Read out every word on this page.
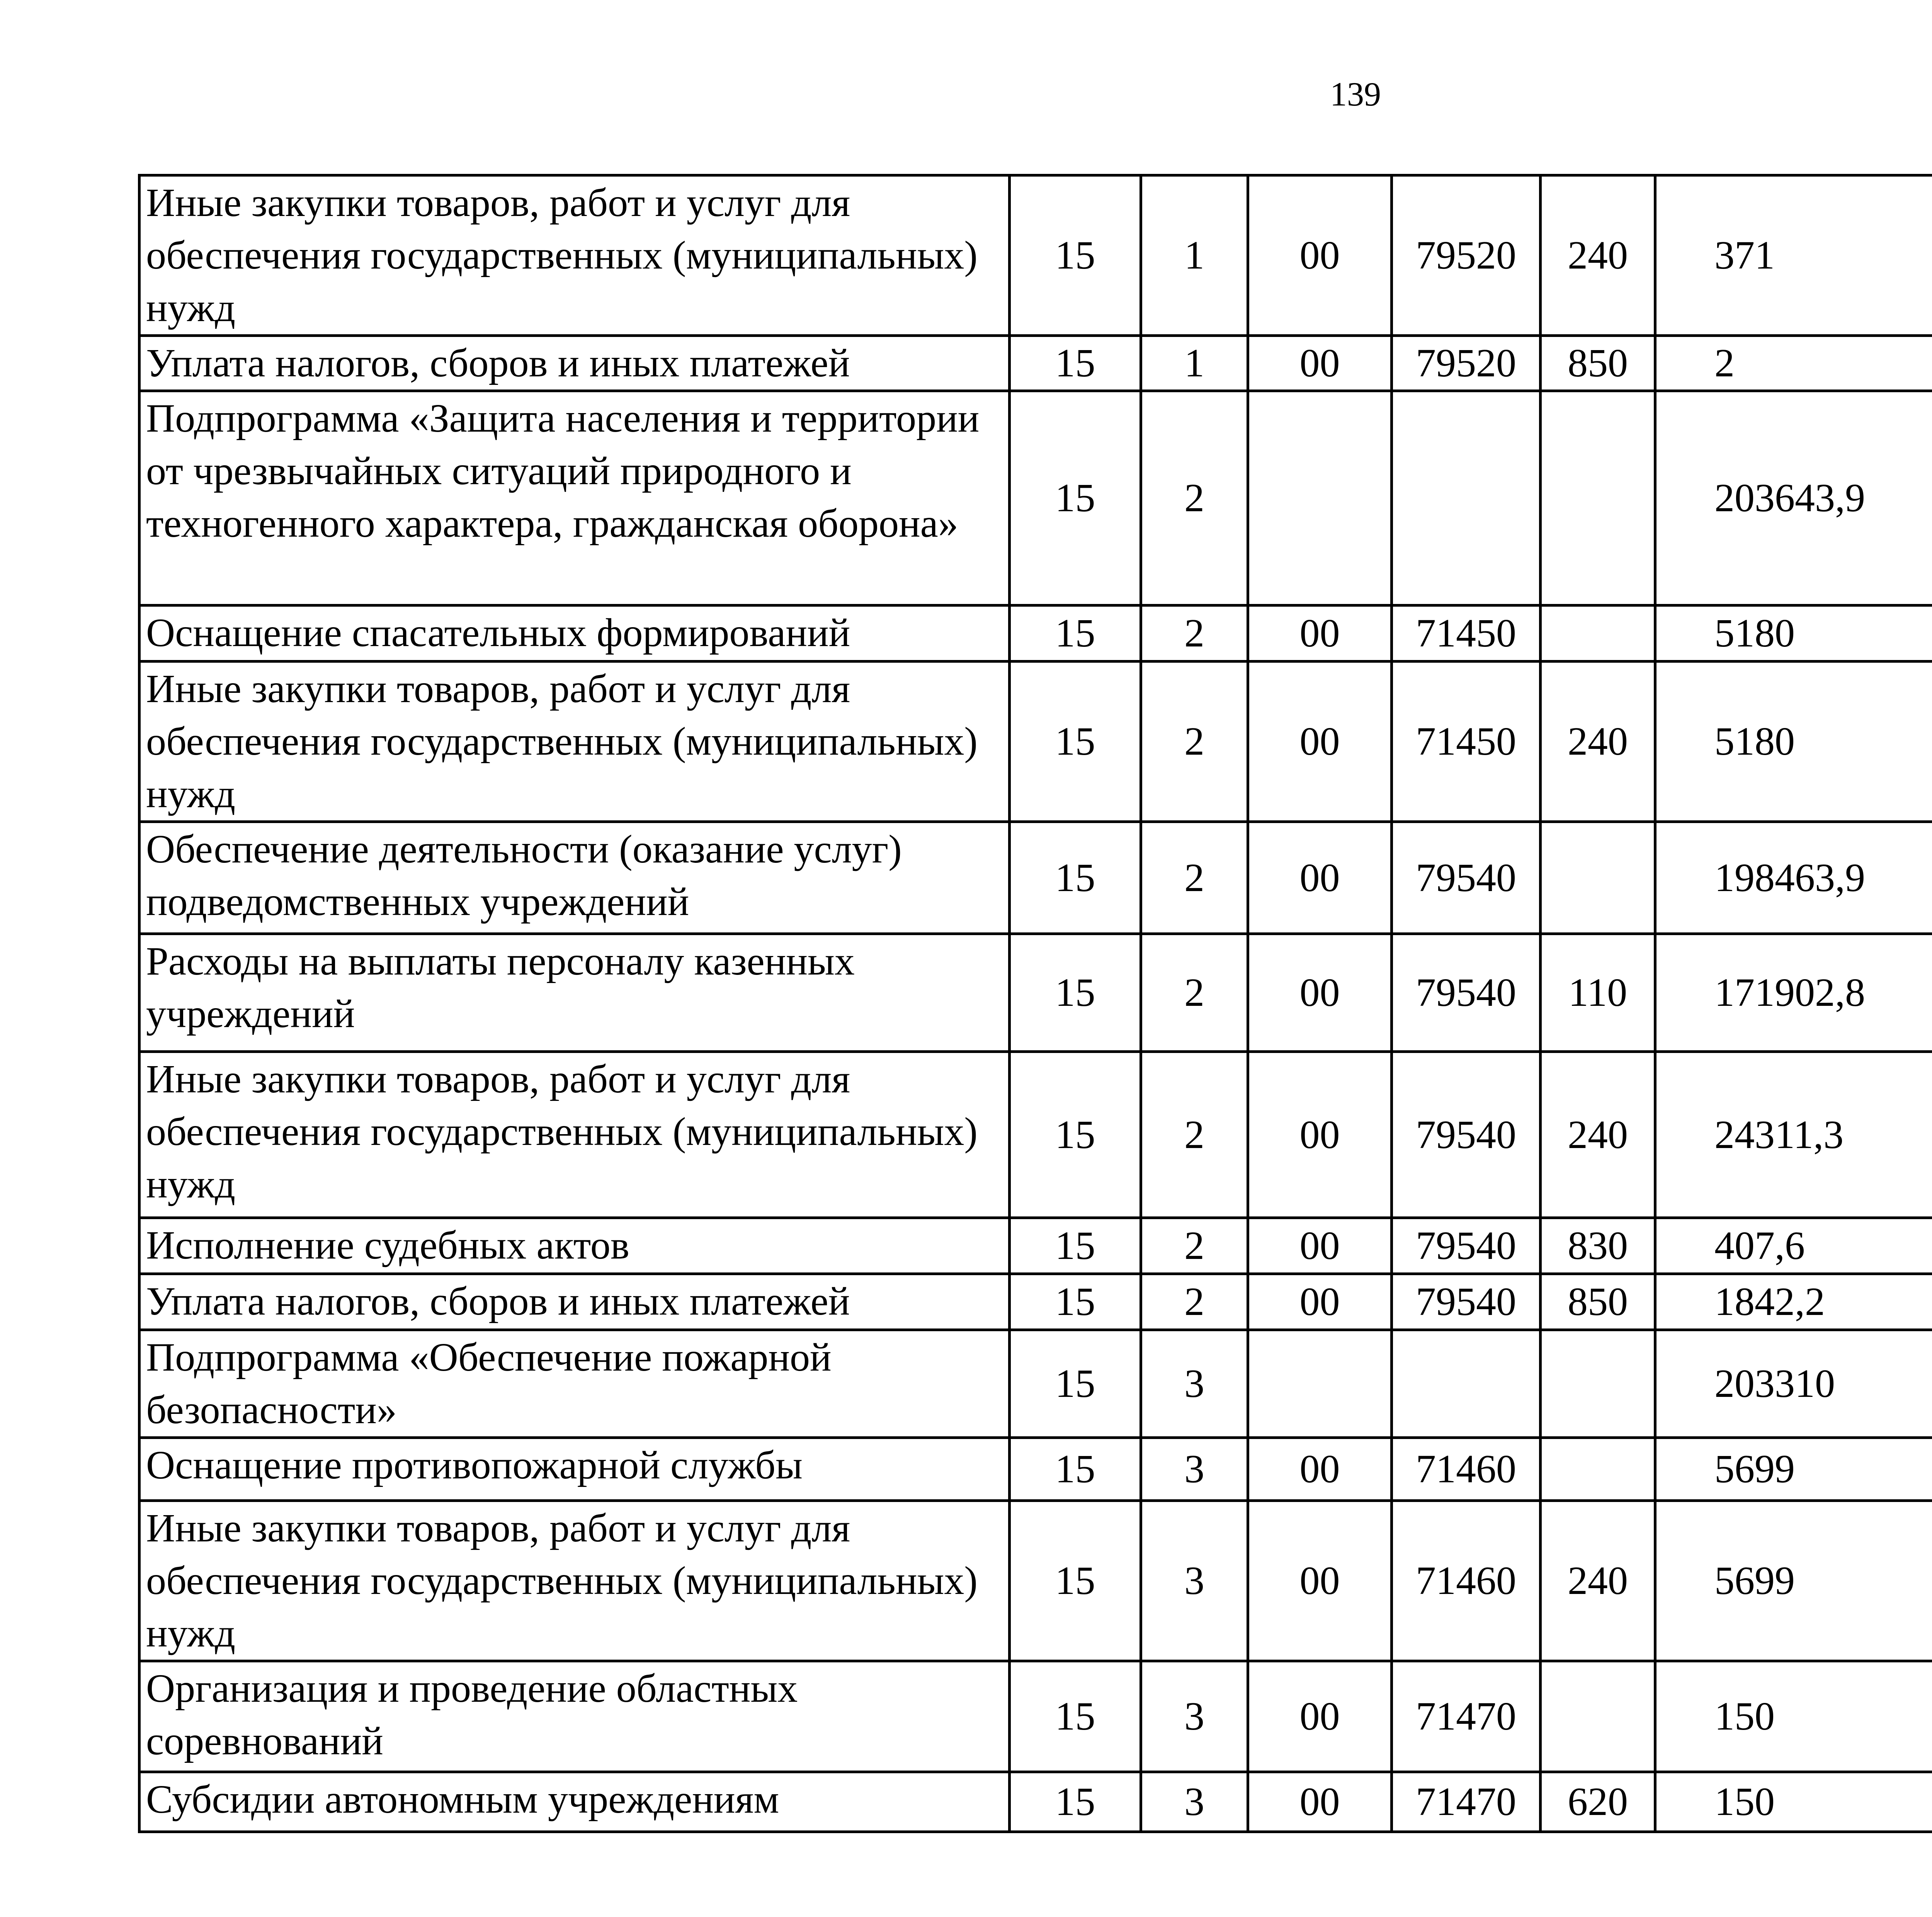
139
Иные закупки товаров, работ и услуг для обеспечения государственных (муниципальных) нужд	15	1	00	79520	240	371		
Уплата налогов, сборов и иных платежей	15	1	00	79520	850	2		
Подпрограмма «Защита населения и территории от чрезвычайных ситуаций природного и техногенного характера, гражданская оборона»	15	2				203643,9		
Оснащение спасательных формирований	15	2	00	71450		5180		
Иные закупки товаров, работ и услуг для обеспечения государственных (муниципальных) нужд	15	2	00	71450	240	5180		
Обеспечение деятельности (оказание услуг) подведомственных учреждений	15	2	00	79540		198463,9		
Расходы на выплаты персоналу казенных учреждений	15	2	00	79540	110	171902,8		
Иные закупки товаров, работ и услуг для обеспечения государственных (муниципальных) нужд	15	2	00	79540	240	24311,3		
Исполнение судебных актов	15	2	00	79540	830	407,6		
Уплата налогов, сборов и иных платежей	15	2	00	79540	850	1842,2		
Подпрограмма «Обеспечение пожарной безопасности»	15	3				203310		
Оснащение противопожарной службы	15	3	00	71460		5699		
Иные закупки товаров, работ и услуг для обеспечения государственных (муниципальных) нужд	15	3	00	71460	240	5699		
Организация и проведение областных соревнований	15	3	00	71470		150		
Субсидии автономным учреждениям	15	3	00	71470	620	150		
